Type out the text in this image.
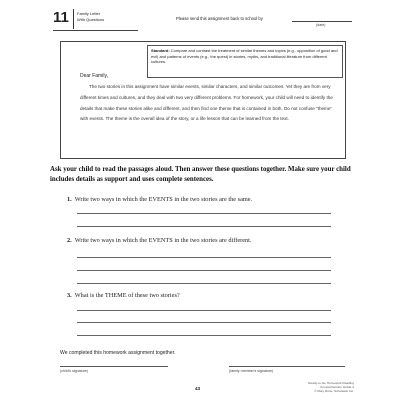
11 Family Letter
With Questions	Please send this assignment back to school by
(date)
Standard: Compare and contrast the treatment of similar themes and topics (e.g., opposition of good and evil) and patterns of events (e.g., the quest) in stories, myths, and traditional literature from different cultures.
Dear Family,
The two stories in this assignment have similar events, similar characters, and similar outcomes. Yet they are from very different times and cultures, and they deal with two very different problems. For homework, your child will need to identify the details that make these stories alike and different, and then find one theme that is contained in both. Do not confuse “theme” with events. The theme is the overall idea of the story, or a life lesson that can be learned from the text.
Ask your child to read the passages aloud. Then answer these questions together. Make sure your child includes details as support and uses complete sentences.
1. Write two ways in which the EVENTS in the two stories are the same.
2. Write two ways in which the EVENTS in the two stories are different.
3. What is the THEME of these two stories?
We completed this homework assignment together.
(child's signature)	(family member's signature)
43
Ready-to-Go Homework Reading Comprehension Grade 4
© Mary Rose, Scholastic Inc.
